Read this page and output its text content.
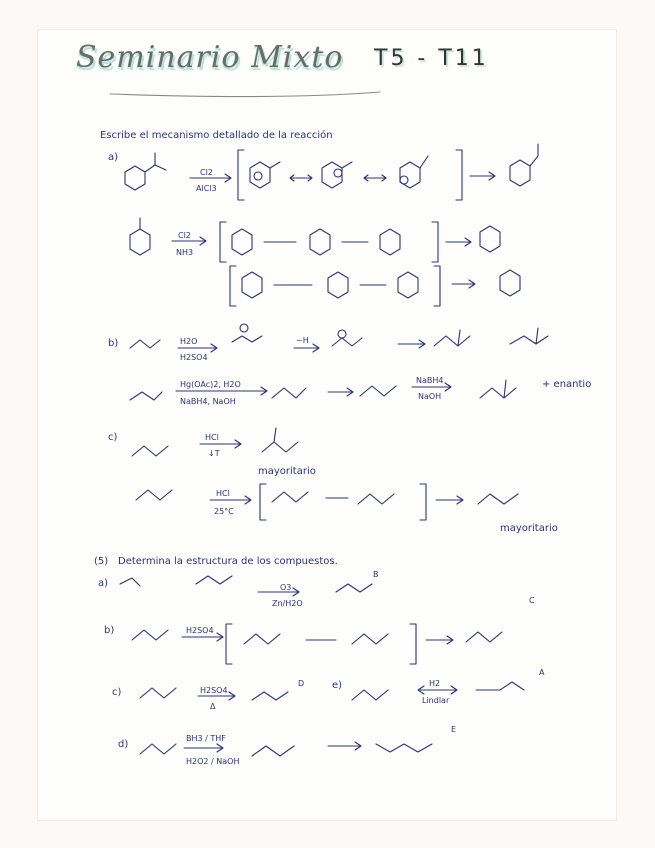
Seminario Mixto T5 - T11
Escribe el mecanismo detallado de la reacción
a)
Cl2
AlCl3
Cl2
NH3
b)	H2O
H2SO4
~H
Hg(OAc)2, H2O
NaBH4, NaOH
NaBH4
NaOH
+ enantio
c)	HCl
↓T
mayoritario
HCl
25°C
mayoritario
(5) Determina la estructura de los compuestos.
a)	O3
Zn/H2O
B
b)	H2SO4
C
c)	H2SO4
Δ
D
d)
BH3 / THF
H2O2 / NaOH
E
e)	H2
Lindlar
A
